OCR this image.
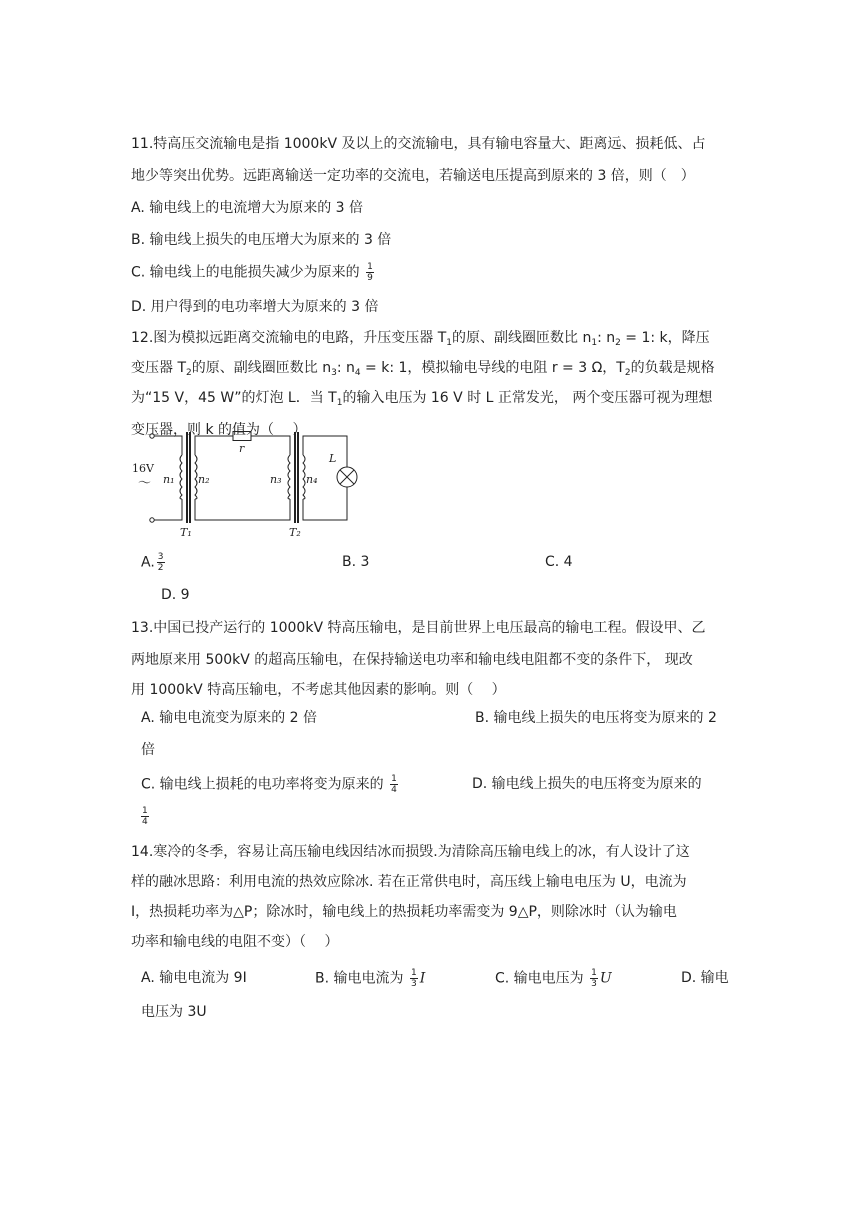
11.特高压交流输电是指 1000kV 及以上的交流输电，具有输电容量大、距离远、损耗低、占
地少等突出优势。远距离输送一定功率的交流电，若输送电压提高到原来的 3 倍，则（　）
A. 输电线上的电流增大为原来的 3 倍
B. 输电线上损失的电压增大为原来的 3 倍
C. 输电线上的电能损失减少为原来的 $\frac{1}{9}$
D. 用户得到的电功率增大为原来的 3 倍
12.图为模拟远距离交流输电的电路，升压变压器 $T_1$的原、副线圈匝数比 $n_1$: $n_2 = 1$: k，降压
变压器 $T_2$的原、副线圈匝数比 $n_3$: $n_4 = k$: 1，模拟输电导线的电阻 r = 3 Ω，$T_2$的负载是规格
为“15 V，45 W”的灯泡 L．当 $T_1$的输入电压为 16 V 时 L 正常发光， 两个变压器可视为理想
变压器，则 k 的值为（　 ）
16V
～ n₁ n₂
r
n₃ n₄
L
T₁	T₂
A. $\frac{3}{2}$	B. 3	C. 4
D. 9
13.中国已投产运行的 1000kV 特高压输电，是目前世界上电压最高的输电工程。假设甲、乙
两地原来用 500kV 的超高压输电，在保持输送电功率和输电线电阻都不变的条件下， 现改
用 1000kV 特高压输电，不考虑其他因素的影响。则（　 ）
A. 输电电流变为原来的 2 倍	B. 输电线上损失的电压将变为原来的 2
倍
C. 输电线上损耗的电功率将变为原来的 $\frac{1}{4}$	D. 输电线上损失的电压将变为原来的
$\frac{1}{4}$
14.寒冷的冬季，容易让高压输电线因结冰而损毁.为清除高压输电线上的冰，有人设计了这
样的融冰思路：利用电流的热效应除冰. 若在正常供电时，高压线上输电电压为 U，电流为
I，热损耗功率为△P；除冰时，输电线上的热损耗功率需变为 9△P，则除冰时（认为输电
功率和输电线的电阻不变）（　 ）
A. 输电电流为 9I	B. 输电电流为 $\frac{1}{3}$ I	C. 输电电压为 $\frac{1}{3}$ U	D. 输电
电压为 3U
